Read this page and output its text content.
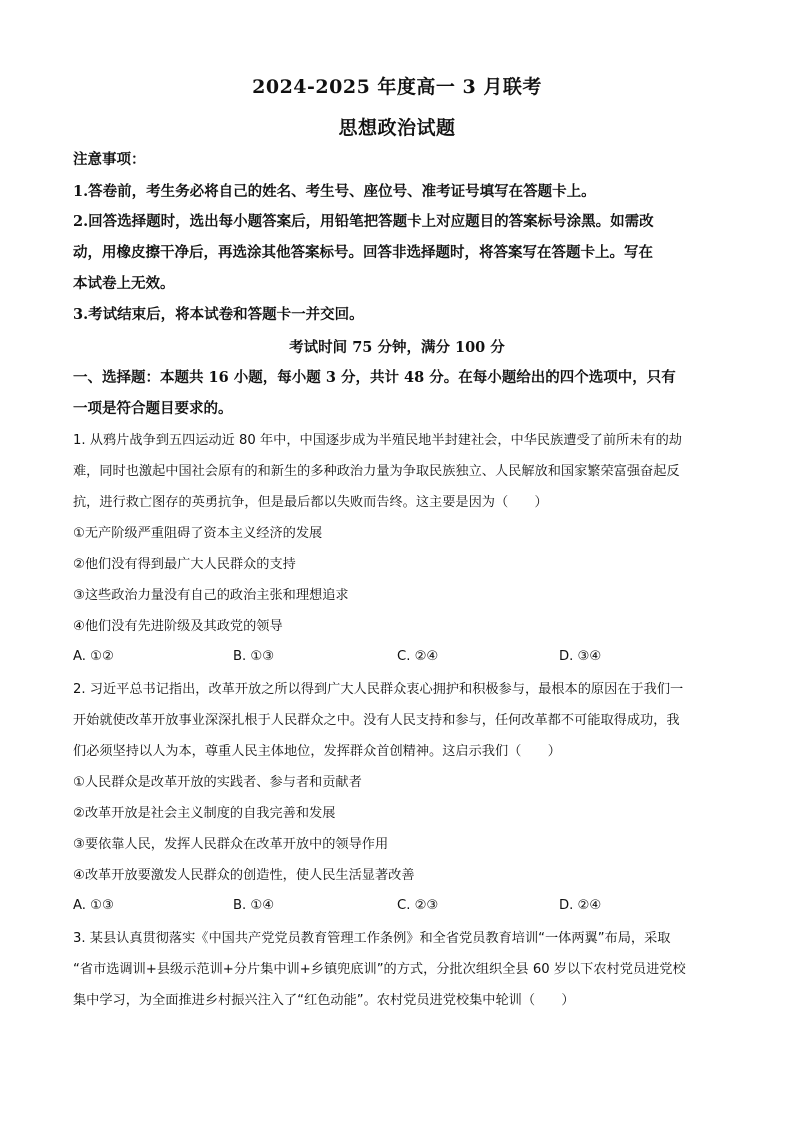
2024-2025 年度高一 3 月联考
思想政治试题
注意事项：
1.答卷前，考生务必将自己的姓名、考生号、座位号、准考证号填写在答题卡上。
2.回答选择题时，选出每小题答案后，用铅笔把答题卡上对应题目的答案标号涂黑。如需改
动，用橡皮擦干净后，再选涂其他答案标号。回答非选择题时，将答案写在答题卡上。写在
本试卷上无效。
3.考试结束后，将本试卷和答题卡一并交回。
考试时间 75 分钟，满分 100 分
一、选择题：本题共 16 小题，每小题 3 分，共计 48 分。在每小题给出的四个选项中，只有
一项是符合题目要求的。
1. 从鸦片战争到五四运动近 80 年中，中国逐步成为半殖民地半封建社会，中华民族遭受了前所未有的劫
难，同时也激起中国社会原有的和新生的多种政治力量为争取民族独立、人民解放和国家繁荣富强奋起反
抗，进行救亡图存的英勇抗争，但是最后都以失败而告终。这主要是因为（　　）
①无产阶级严重阻碍了资本主义经济的发展
②他们没有得到最广大人民群众的支持
③这些政治力量没有自己的政治主张和理想追求
④他们没有先进阶级及其政党的领导
A. ①②	B. ①③	C. ②④	D. ③④
2. 习近平总书记指出，改革开放之所以得到广大人民群众衷心拥护和积极参与，最根本的原因在于我们一
开始就使改革开放事业深深扎根于人民群众之中。没有人民支持和参与，任何改革都不可能取得成功，我
们必须坚持以人为本，尊重人民主体地位，发挥群众首创精神。这启示我们（　　）
①人民群众是改革开放的实践者、参与者和贡献者
②改革开放是社会主义制度的自我完善和发展
③要依靠人民，发挥人民群众在改革开放中的领导作用
④改革开放要激发人民群众的创造性，使人民生活显著改善
A. ①③	B. ①④	C. ②③	D. ②④
3. 某县认真贯彻落实《中国共产党党员教育管理工作条例》和全省党员教育培训“一体两翼”布局，采取
“省市选调训+县级示范训+分片集中训+乡镇兜底训”的方式，分批次组织全县 60 岁以下农村党员进党校
集中学习，为全面推进乡村振兴注入了“红色动能”。农村党员进党校集中轮训（　　）
